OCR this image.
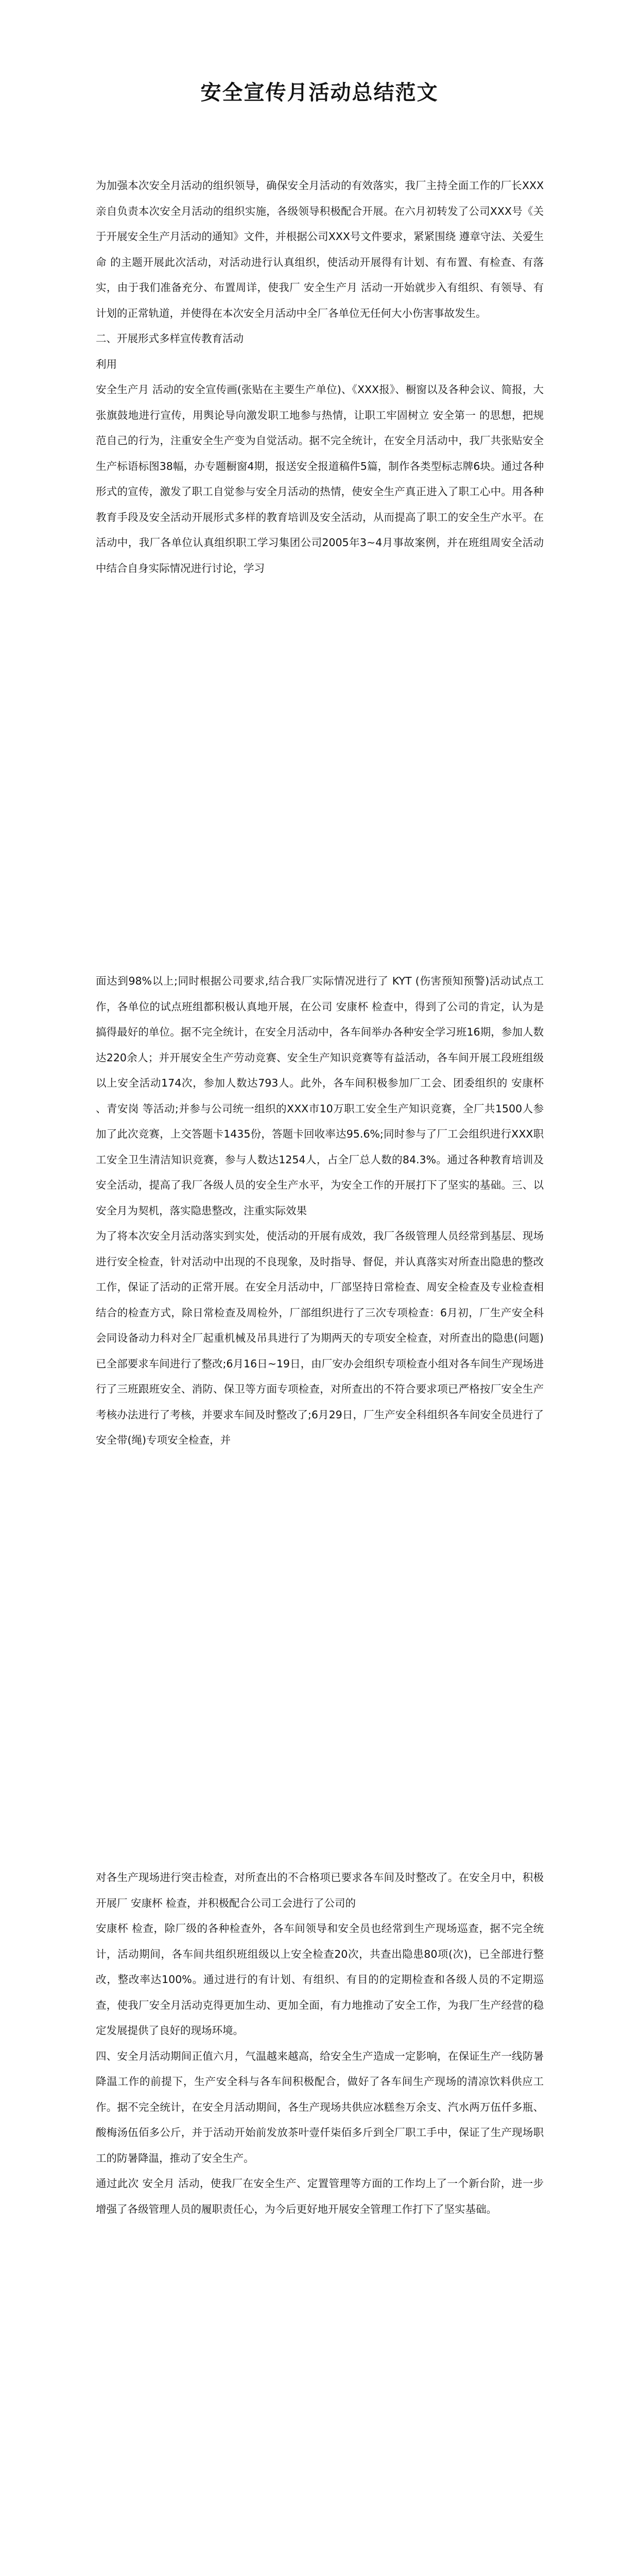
安全宣传月活动总结范文

为加强本次安全月活动的组织领导，确保安全月活动的有效落实，我厂主持全面工作的厂长XXX亲自负责本次安全月活动的组织实施，各级领导积极配合开展。在六月初转发了公司XXX号《关于开展安全生产月活动的通知》文件，并根据公司XXX号文件要求，紧紧围绕 遵章守法、关爱生命 的主题开展此次活动，对活动进行认真组织，使活动开展得有计划、有布置、有检查、有落实，由于我们准备充分、布置周详，使我厂 安全生产月 活动一开始就步入有组织、有领导、有计划的正常轨道，并使得在本次安全月活动中全厂各单位无任何大小伤害事故发生。

二、开展形式多样宣传教育活动

利用

安全生产月 活动的安全宣传画(张贴在主要生产单位)、《XXX报》、橱窗以及各种会议、简报，大张旗鼓地进行宣传，用舆论导向激发职工地参与热情，让职工牢固树立 安全第一 的思想，把规范自己的行为，注重安全生产变为自觉活动。据不完全统计，在安全月活动中，我厂共张贴安全生产标语标图38幅，办专题橱窗4期，报送安全报道稿件5篇，制作各类型标志牌6块。通过各种形式的宣传，激发了职工自觉参与安全月活动的热情，使安全生产真正进入了职工心中。用各种教育手段及安全活动开展形式多样的教育培训及安全活动，从而提高了职工的安全生产水平。在活动中，我厂各单位认真组织职工学习集团公司2005年3~4月事故案例，并在班组周安全活动中结合自身实际情况进行讨论，学习

面达到98%以上;同时根据公司要求,结合我厂实际情况进行了 KYT (伤害预知预警)活动试点工作，各单位的试点班组都积极认真地开展，在公司 安康杯 检查中，得到了公司的肯定，认为是搞得最好的单位。据不完全统计，在安全月活动中，各车间举办各种安全学习班16期，参加人数达220余人；并开展安全生产劳动竞赛、安全生产知识竞赛等有益活动，各车间开展工段班组级以上安全活动174次，参加人数达793人。此外，各车间积极参加厂工会、团委组织的 安康杯 、青安岗 等活动;并参与公司统一组织的XXX市10万职工安全生产知识竞赛，全厂共1500人参加了此次竞赛，上交答题卡1435份，答题卡回收率达95.6%;同时参与了厂工会组织进行XXX职工安全卫生清洁知识竞赛，参与人数达1254人，占全厂总人数的84.3%。通过各种教育培训及安全活动，提高了我厂各级人员的安全生产水平，为安全工作的开展打下了坚实的基础。三、以安全月为契机，落实隐患整改，注重实际效果

为了将本次安全月活动落实到实处，使活动的开展有成效，我厂各级管理人员经常到基层、现场进行安全检查，针对活动中出现的不良现象，及时指导、督促，并认真落实对所查出隐患的整改工作，保证了活动的正常开展。在安全月活动中，厂部坚持日常检查、周安全检查及专业检查相结合的检查方式，除日常检查及周检外，厂部组织进行了三次专项检查：6月初，厂生产安全科会同设备动力科对全厂起重机械及吊具进行了为期两天的专项安全检查，对所查出的隐患(问题)已全部要求车间进行了整改;6月16日~19日，由厂安办会组织专项检查小组对各车间生产现场进行了三班跟班安全、消防、保卫等方面专项检查，对所查出的不符合要求项已严格按厂安全生产考核办法进行了考核，并要求车间及时整改了;6月29日，厂生产安全科组织各车间安全员进行了安全带(绳)专项安全检查，并

对各生产现场进行突击检查，对所查出的不合格项已要求各车间及时整改了。在安全月中，积极开展厂 安康杯 检查，并积极配合公司工会进行了公司的

安康杯 检查，除厂级的各种检查外，各车间领导和安全员也经常到生产现场巡查，据不完全统计，活动期间，各车间共组织班组级以上安全检查20次，共查出隐患80项(次)，已全部进行整改，整改率达100%。通过进行的有计划、有组织、有目的的定期检查和各级人员的不定期巡查，使我厂安全月活动克得更加生动、更加全面，有力地推动了安全工作，为我厂生产经营的稳定发展提供了良好的现场环境。

四、安全月活动期间正值六月，气温越来越高，给安全生产造成一定影响，在保证生产一线防暑降温工作的前提下，生产安全科与各车间积极配合，做好了各车间生产现场的清凉饮料供应工作。据不完全统计，在安全月活动期间，各生产现场共供应冰糕叁万余支、汽水两万伍仟多瓶、酸梅汤伍佰多公斤，并于活动开始前发放茶叶壹仟柒佰多斤到全厂职工手中，保证了生产现场职工的防暑降温，推动了安全生产。

通过此次 安全月 活动，使我厂在安全生产、定置管理等方面的工作均上了一个新台阶，进一步增强了各级管理人员的履职责任心，为今后更好地开展安全管理工作打下了坚实基础。
